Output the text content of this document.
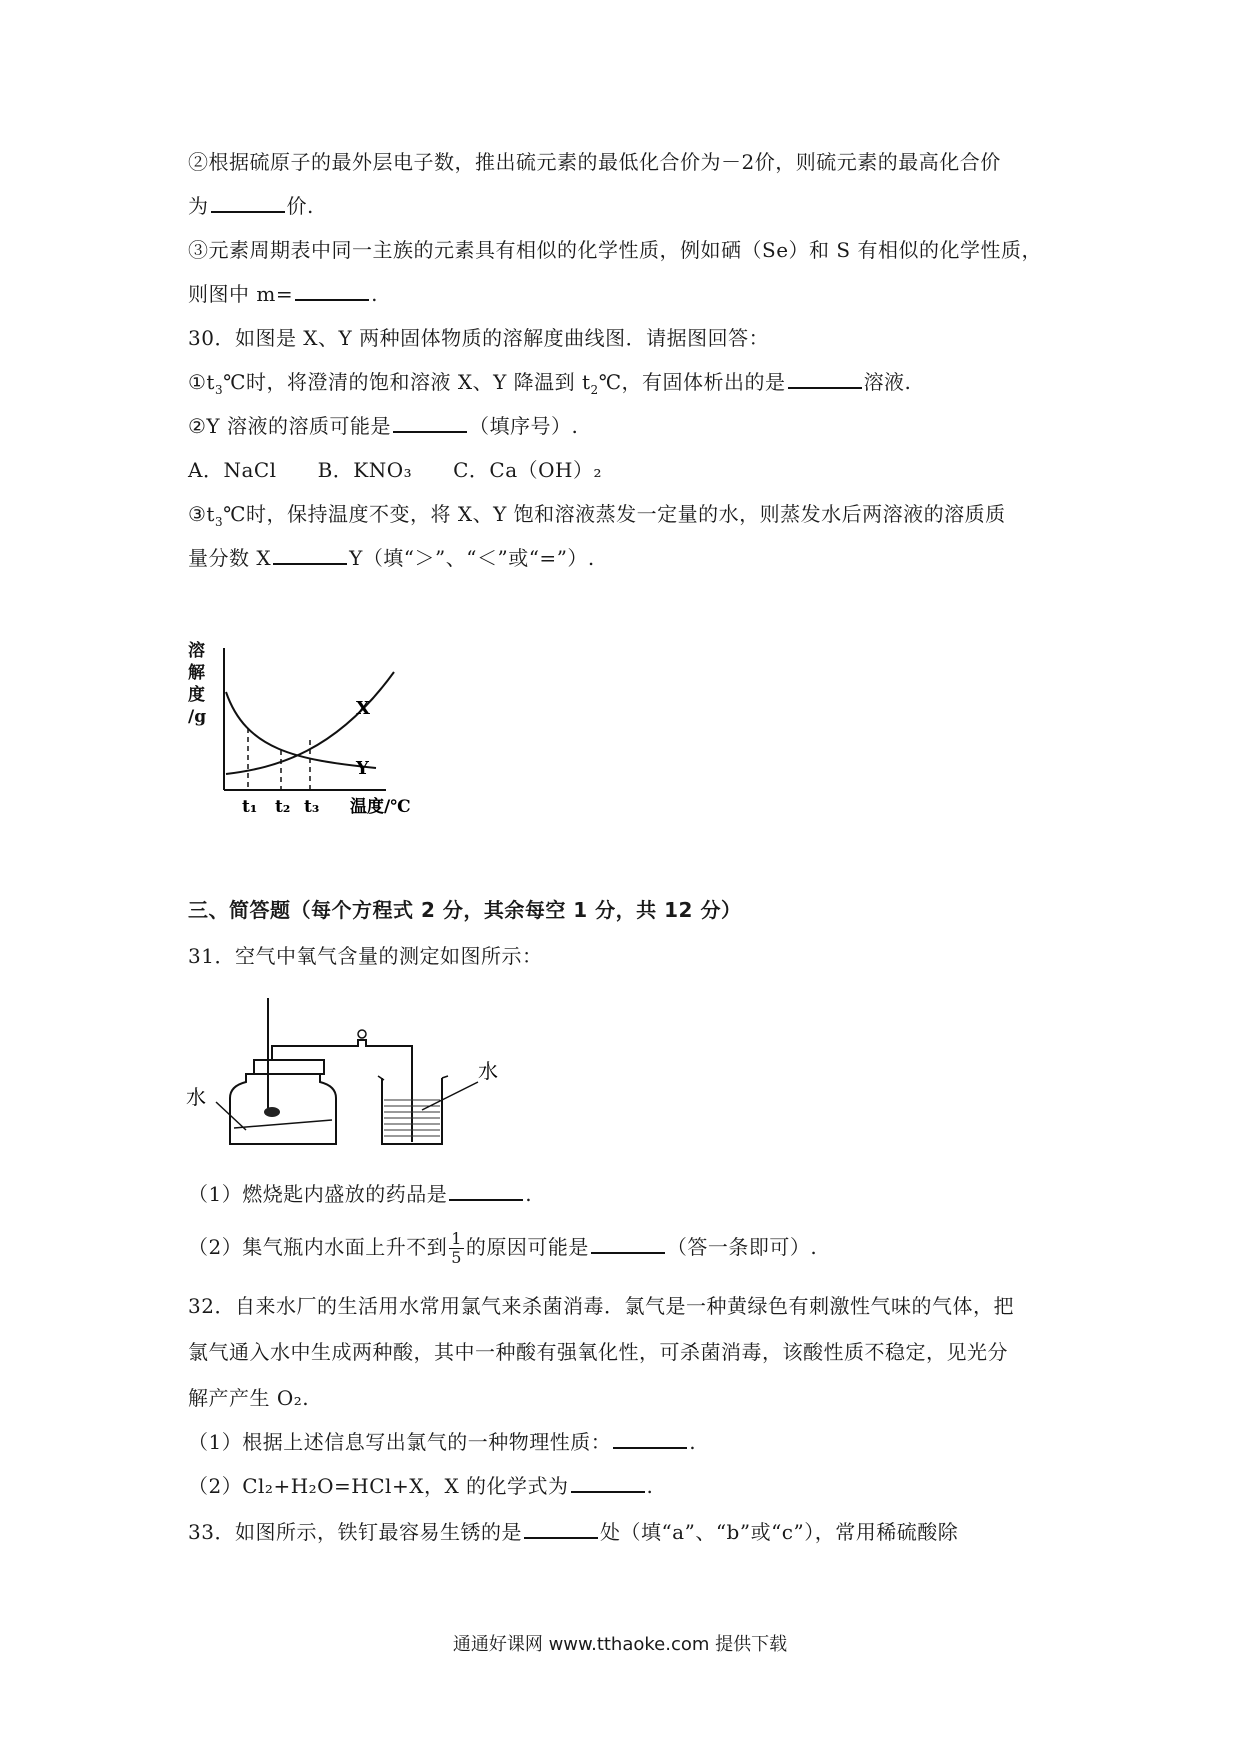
②根据硫原子的最外层电子数，推出硫元素的最低化合价为－2价，则硫元素的最高化合价
为	价.
③元素周期表中同一主族的元素具有相似的化学性质，例如硒（Se）和 S 有相似的化学性质，
则图中 m=	.
30．如图是 X、Y 两种固体物质的溶解度曲线图．请据图回答：
$①t_3℃$时，将澄清的饱和溶液 X、Y 降温到 $t_2℃$，有固体析出的是	溶液.
②Y 溶液的溶质可能是	（填序号）.
A．NaCl　　B．KNO₃　　C．Ca（OH）₂
$③t_3℃$时，保持温度不变，将 X、Y 饱和溶液蒸发一定量的水，则蒸发水后两溶液的溶质质
量分数 X	Y（填“＞”、“＜”或“=”）.
溶
解
度
/g	X
Y
t₁ t₂ t₃ 温度/℃
三、简答题（每个方程式 2 分，其余每空 1 分，共 12 分）
31．空气中氧气含量的测定如图所示：
水
水
（1）燃烧匙内盛放的药品是	.
（2）集气瓶内水面上升不到 $\frac{1}{5}$ 的原因可能是	（答一条即可）.
32．自来水厂的生活用水常用氯气来杀菌消毒．氯气是一种黄绿色有刺激性气味的气体，把
氯气通入水中生成两种酸，其中一种酸有强氧化性，可杀菌消毒，该酸性质不稳定，见光分
解产产生 O₂.
（1）根据上述信息写出氯气的一种物理性质：	.
（2）Cl₂+H₂O=HCl+X，X 的化学式为	.
33．如图所示，铁钉最容易生锈的是	处（填“a”、“b”或“c”），常用稀硫酸除
通通好课网 www.tthaoke.com 提供下载
